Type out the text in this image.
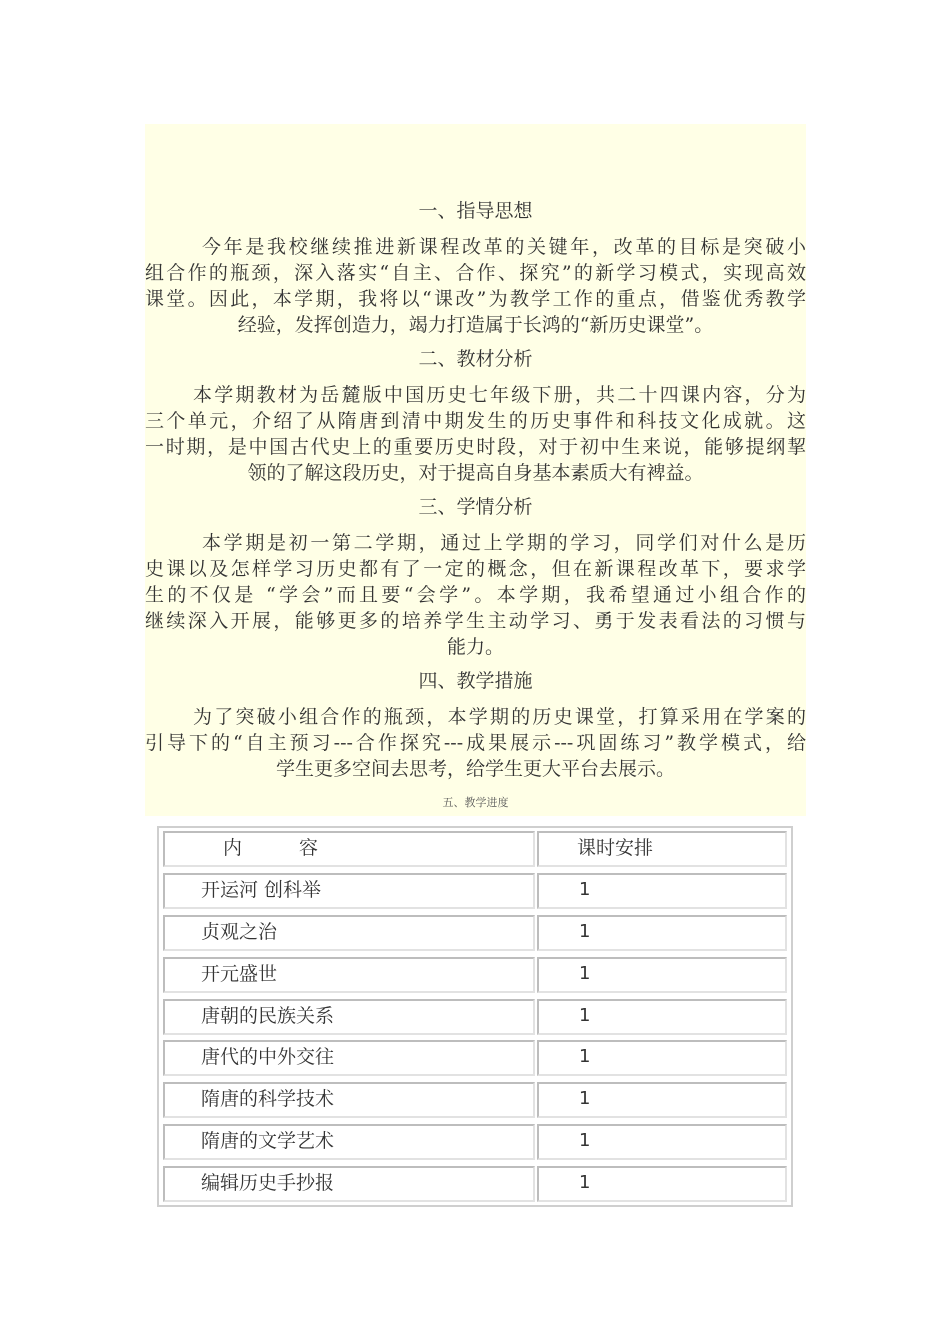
一、指导思想
今年是我校继续推进新课程改革的关键年，改革的目标是突破小
组合作的瓶颈，深入落实“自主、合作、探究”的新学习模式，实现高效
课堂。因此，本学期，我将以“课改”为教学工作的重点，借鉴优秀教学
经验，发挥创造力，竭力打造属于长鸿的“新历史课堂”。
二、教材分析
本学期教材为岳麓版中国历史七年级下册，共二十四课内容，分为
三个单元，介绍了从隋唐到清中期发生的历史事件和科技文化成就。这
一时期，是中国古代史上的重要历史时段，对于初中生来说，能够提纲挈
领的了解这段历史，对于提高自身基本素质大有裨益。
三、学情分析
本学期是初一第二学期，通过上学期的学习，同学们对什么是历
史课以及怎样学习历史都有了一定的概念，但在新课程改革下，要求学
生的不仅是 “学会”而且要“会学”。本学期，我希望通过小组合作的
继续深入开展，能够更多的培养学生主动学习、勇于发表看法的习惯与
能力。
四、教学措施
为了突破小组合作的瓶颈，本学期的历史课堂，打算采用在学案的
引导下的“自主预习---合作探究---成果展示---巩固练习”教学模式，给
学生更多空间去思考，给学生更大平台去展示。
五、教学进度
内　　　容	课时安排
开运河 创科举	1
贞观之治	1
开元盛世	1
唐朝的民族关系	1
唐代的中外交往	1
隋唐的科学技术	1
隋唐的文学艺术	1
编辑历史手抄报	1
